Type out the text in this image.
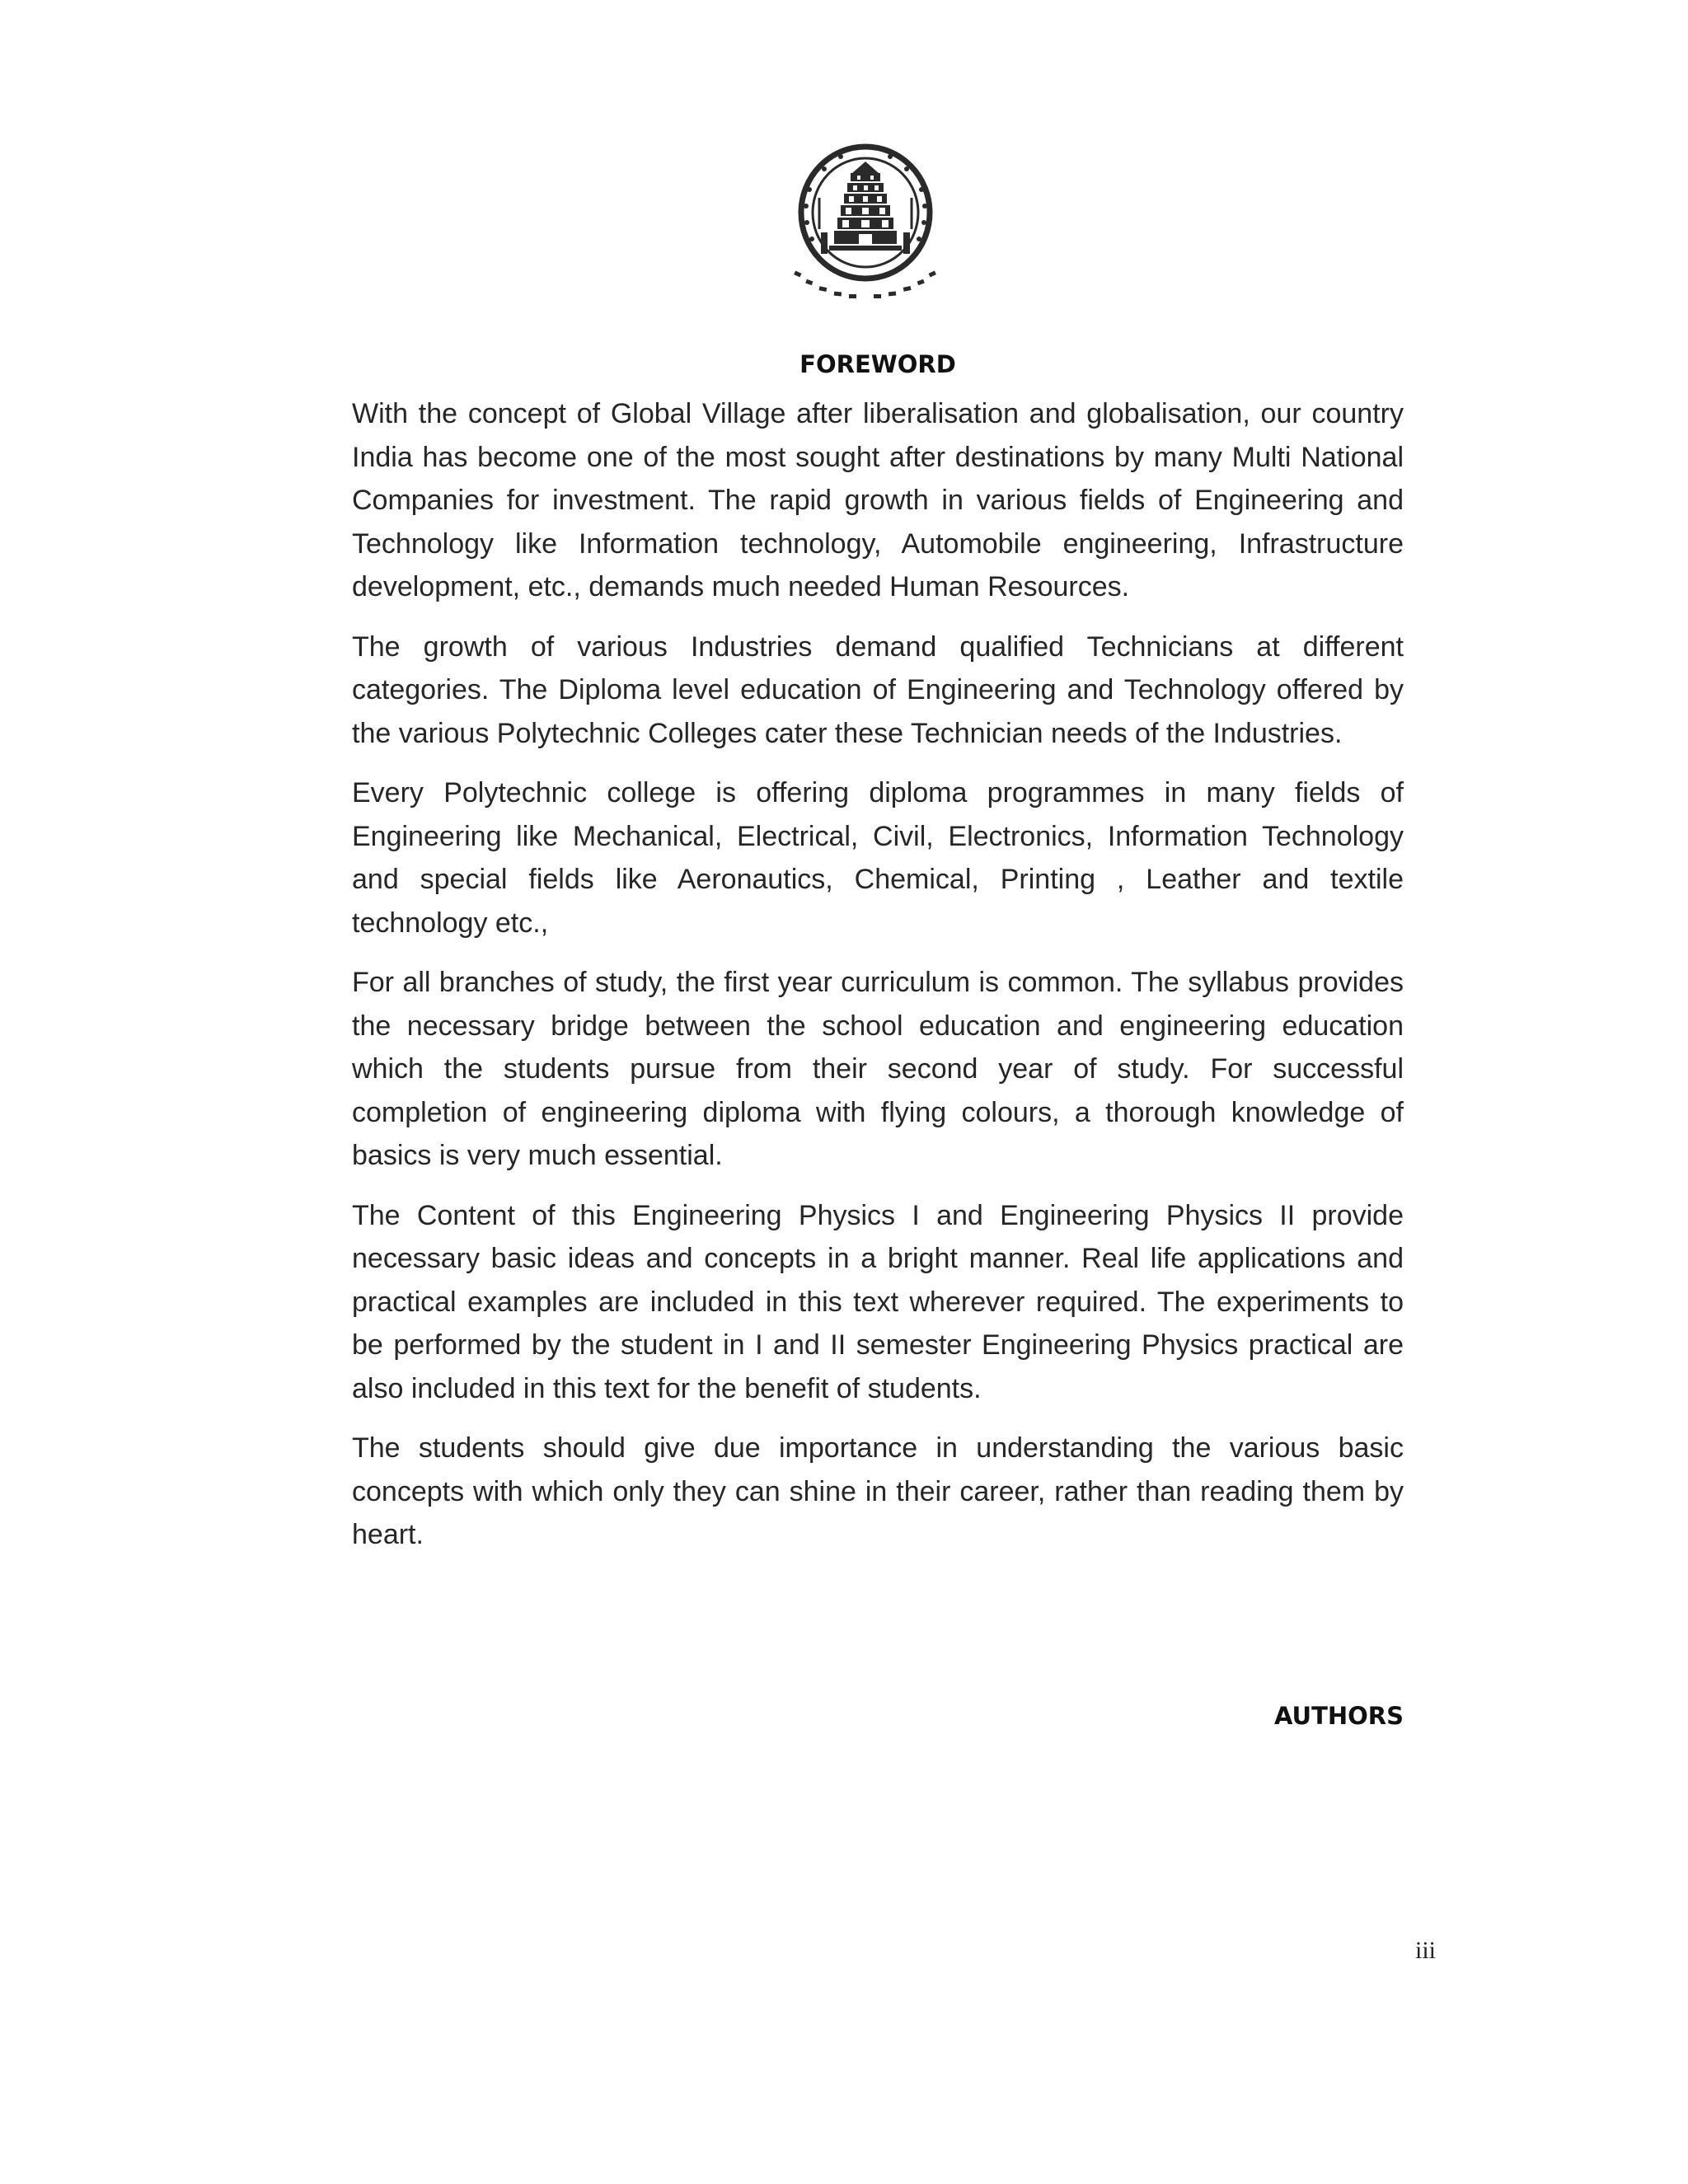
FOREWORD

With the concept of Global Village after liberalisation and globalisation, our country India has become one of the most sought after destinations by many Multi National Companies for investment. The rapid growth in various fields of Engineering and Technology like Information technology, Automobile engineering, Infrastructure development, etc., demands much needed Human Resources.

The growth of various Industries demand qualified Technicians at different categories. The Diploma level education of Engineering and Technology offered by the various Polytechnic Colleges cater these Technician needs of the Industries.

Every Polytechnic college is offering diploma programmes in many fields of Engineering like Mechanical, Electrical, Civil, Electronics, Information Technology and special fields like Aeronautics, Chemical, Printing , Leather and textile technology etc.,

For all branches of study, the first year curriculum is common. The syllabus provides the necessary bridge between the school education and engineering education which the students pursue from their second year of study. For successful completion of engineering diploma with flying colours, a thorough knowledge of basics is very much essential.

The Content of this Engineering Physics I and Engineering Physics II provide necessary basic ideas and concepts in a bright manner. Real life applications and practical examples are included in this text wherever required. The experiments to be performed by the student in I and II semester Engineering Physics practical are also included in this text for the benefit of students.

The students should give due importance in understanding the various basic concepts with which only they can shine in their career, rather than reading them by heart.

AUTHORS
iii
